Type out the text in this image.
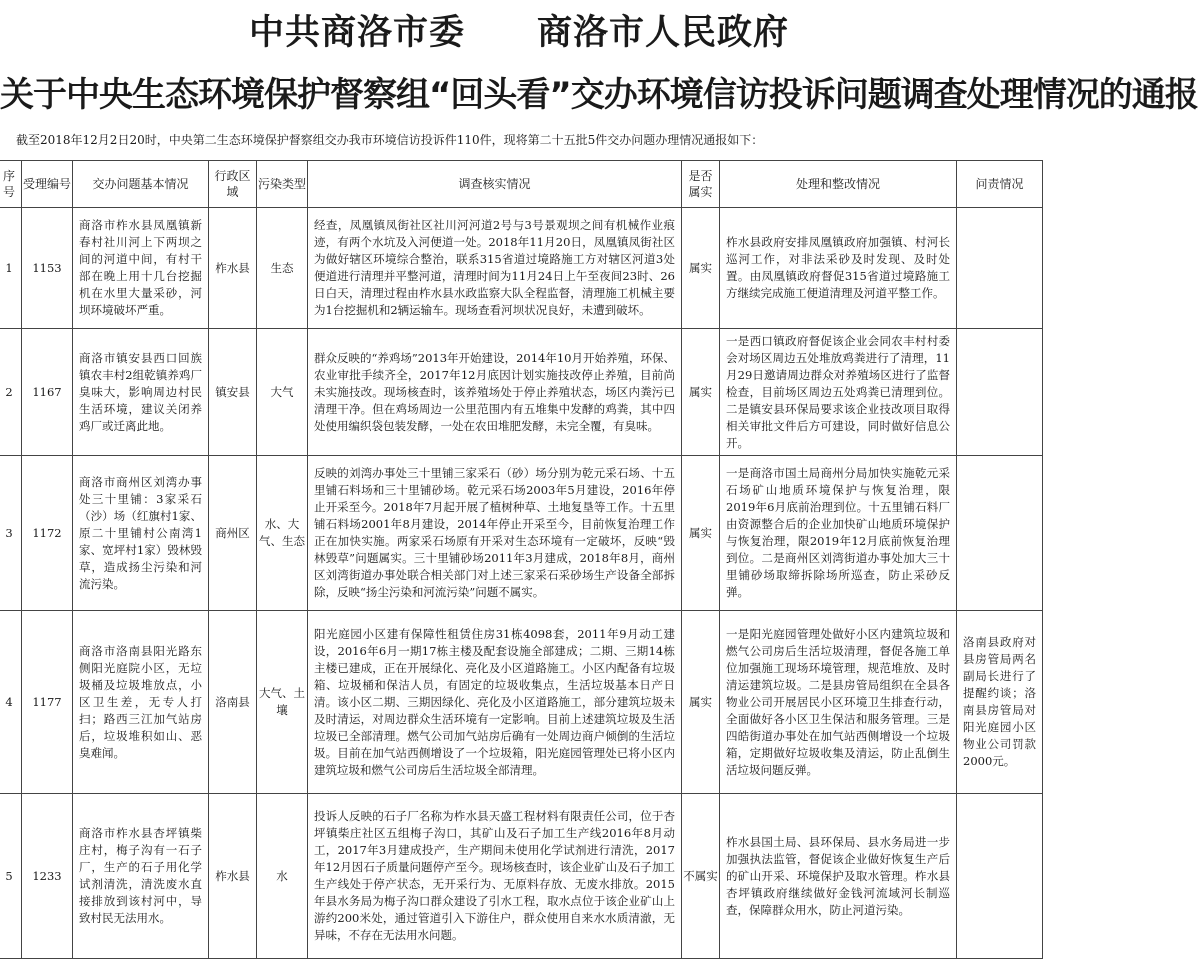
中共商洛市委　　商洛市人民政府
关于中央生态环境保护督察组“回头看”交办环境信访投诉问题调查处理情况的通报
截至2018年12月2日20时，中央第二生态环境保护督察组交办我市环境信访投诉件110件，现将第二十五批5件交办问题办理情况通报如下：
序号	受理编号	交办问题基本情况	行政区域	污染类型	调查核实情况	是否属实	处理和整改情况	问责情况
1	1153	商洛市柞水县凤凰镇新春村社川河上下两坝之间的河道中间，有村干部在晚上用十几台挖掘机在水里大量采砂，河坝环境破坏严重。	柞水县	生态	经查，凤凰镇凤街社区社川河河道2号与3号景观坝之间有机械作业痕迹，有两个水坑及入河便道一处。2018年11月20日，凤凰镇凤街社区为做好辖区环境综合整治，联系315省道过境路施工方对辖区河道3处便道进行清理并平整河道，清理时间为11月24日上午至夜间23时、26日白天，清理过程由柞水县水政监察大队全程监督，清理施工机械主要为1台挖掘机和2辆运输车。现场查看河坝状况良好，未遭到破坏。	属实	柞水县政府安排凤凰镇政府加强镇、村河长巡河工作，对非法采砂及时发现、及时处置。由凤凰镇政府督促315省道过境路施工方继续完成施工便道清理及河道平整工作。	
2	1167	商洛市镇安县西口回族镇农丰村2组乾镇养鸡厂臭味大，影响周边村民生活环境，建议关闭养鸡厂或迁离此地。	镇安县	大气	群众反映的“养鸡场”2013年开始建设，2014年10月开始养殖，环保、农业审批手续齐全，2017年12月底因计划实施技改停止养殖，目前尚未实施技改。现场核查时，该养殖场处于停止养殖状态，场区内粪污已清理干净。但在鸡场周边一公里范围内有五堆集中发酵的鸡粪，其中四处使用编织袋包装发酵，一处在农田堆肥发酵，未完全覆，有臭味。	属实	一是西口镇政府督促该企业会同农丰村村委会对场区周边五处堆放鸡粪进行了清理，11月29日邀请周边群众对养殖场区进行了监督检查，目前场区周边五处鸡粪已清理到位。二是镇安县环保局要求该企业技改项目取得相关审批文件后方可建设，同时做好信息公开。	
3	1172	商洛市商州区刘湾办事处三十里铺：3家采石（沙）场（红旗村1家、原二十里铺村公南湾1家、宽坪村1家）毁林毁草，造成扬尘污染和河流污染。	商州区	水、大气、生态	反映的刘湾办事处三十里铺三家采石（砂）场分别为乾元采石场、十五里铺石料场和三十里铺砂场。乾元采石场2003年5月建设，2016年停止开采至今。2018年7月起开展了植树种草、土地复垦等工作。十五里铺石料场2001年8月建设，2014年停止开采至今，目前恢复治理工作正在加快实施。两家采石场原有开采对生态环境有一定破坏，反映“毁林毁草”问题属实。三十里铺砂场2011年3月建成，2018年8月，商州区刘湾街道办事处联合相关部门对上述三家采石采砂场生产设备全部拆除，反映“扬尘污染和河流污染”问题不属实。	属实	一是商洛市国土局商州分局加快实施乾元采石场矿山地质环境保护与恢复治理，限2019年6月底前治理到位。十五里铺石料厂由资源整合后的企业加快矿山地质环境保护与恢复治理，限2019年12月底前恢复治理到位。二是商州区刘湾街道办事处加大三十里铺砂场取缔拆除场所巡查，防止采砂反弹。	
4	1177	商洛市洛南县阳光路东侧阳光庭院小区，无垃圾桶及垃圾堆放点，小区卫生差，无专人打扫；路西三江加气站房后，垃圾堆积如山、恶臭难闻。	洛南县	大气、土壤	阳光庭园小区建有保障性租赁住房31栋4098套，2011年9月动工建设，2016年6月一期17栋主楼及配套设施全部建成；二期、三期14栋主楼已建成，正在开展绿化、亮化及小区道路施工。小区内配备有垃圾箱、垃圾桶和保洁人员，有固定的垃圾收集点，生活垃圾基本日产日清。该小区二期、三期因绿化、亮化及小区道路施工，部分建筑垃圾未及时清运，对周边群众生活环境有一定影响。目前上述建筑垃圾及生活垃圾已全部清理。燃气公司加气站房后确有一处周边商户倾倒的生活垃圾。目前在加气站西侧增设了一个垃圾箱，阳光庭园管理处已将小区内建筑垃圾和燃气公司房后生活垃圾全部清理。	属实	一是阳光庭园管理处做好小区内建筑垃圾和燃气公司房后生活垃圾清理，督促各施工单位加强施工现场环境管理，规范堆放、及时清运建筑垃圾。二是县房管局组织在全县各物业公司开展居民小区环境卫生排查行动，全面做好各小区卫生保洁和服务管理。三是四皓街道办事处在加气站西侧增设一个垃圾箱，定期做好垃圾收集及清运，防止乱倒生活垃圾问题反弹。	洛南县政府对县房管局两名副局长进行了提醒约谈；洛南县房管局对阳光庭园小区物业公司罚款2000元。
5	1233	商洛市柞水县杏坪镇柴庄村，梅子沟有一石子厂，生产的石子用化学试剂清洗，清洗废水直接排放到该村河中，导致村民无法用水。	柞水县	水	投诉人反映的石子厂名称为柞水县天盛工程材料有限责任公司，位于杏坪镇柴庄社区五组梅子沟口，其矿山及石子加工生产线2016年8月动工，2017年3月建成投产，生产期间未使用化学试剂进行清洗，2017年12月因石子质量问题停产至今。现场核查时，该企业矿山及石子加工生产线处于停产状态，无开采行为、无原料存放、无废水排放。2015年县水务局为梅子沟口群众建设了引水工程，取水点位于该企业矿山上游约200米处，通过管道引入下游住户，群众使用自来水水质清澈，无异味，不存在无法用水问题。	不属实	柞水县国土局、县环保局、县水务局进一步加强执法监管，督促该企业做好恢复生产后的矿山开采、环境保护及取水管理。柞水县杏坪镇政府继续做好金钱河流域河长制巡查，保障群众用水，防止河道污染。	
